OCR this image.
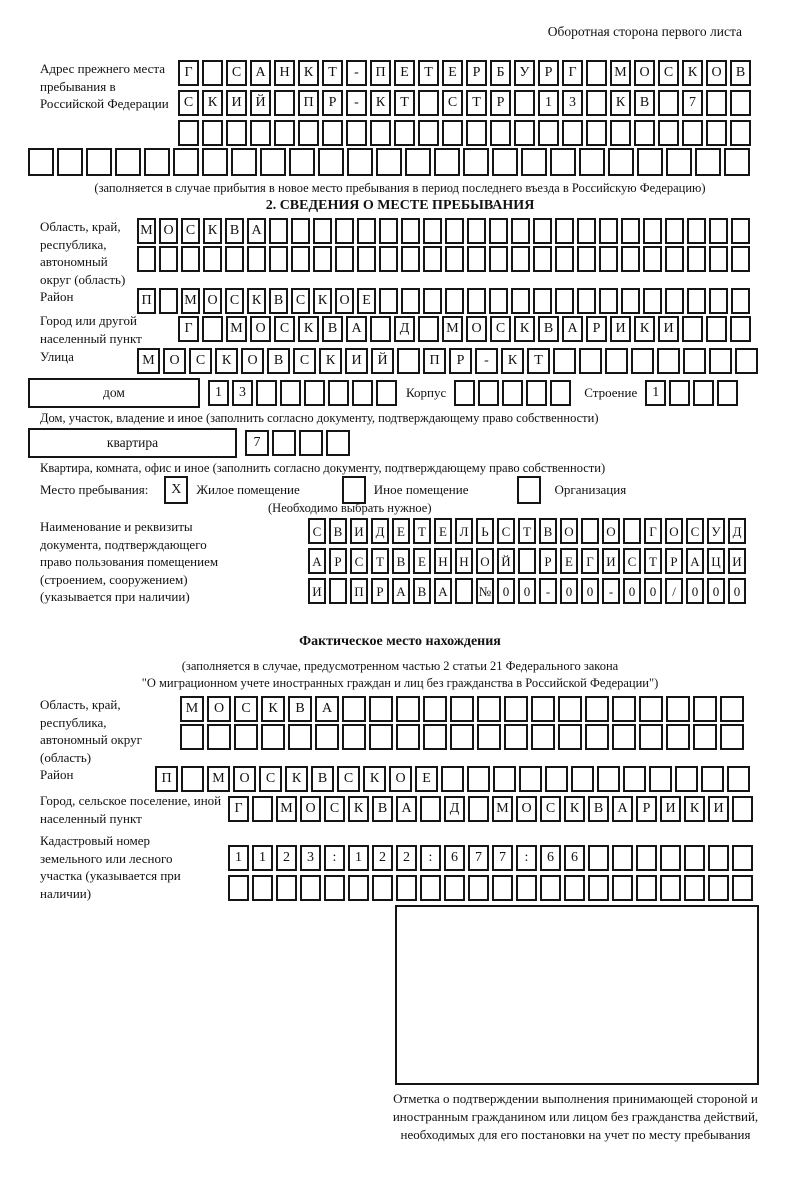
Оборотная сторона первого листа
Адрес прежнего места пребывания в Российской Федерации
Г	С	А Н	К	Т	-	П	Е	Т	Е	Р	Б	У	Р	Г	М О	С	К	О	В
С	К	И Й	П	Р	-	К	Т	С	Т	Р	1	3	К	В	7
(заполняется в случае прибытия в новое место пребывания в период последнего въезда в Российскую Федерацию)
2. СВЕДЕНИЯ О МЕСТЕ ПРЕБЫВАНИЯ
Область, край, республика, автономный округ (область)
М О С К В А
Район	П	М О С К В С К О Е
Город или другой населенный пункт
Г	М О	С	К	В	А	Д	М О	С	К	В	А	Р	И	К	И
Улица	М	О	С	К	О	В	С	К	И	Й	П	Р	-	К	Т
дом	1	3	Корпус	Строение	1
Дом, участок, владение и иное (заполнить согласно документу, подтверждающему право собственности)
квартира	7
Квартира, комната, офис и иное (заполнить согласно документу, подтверждающему право собственности)
Место пребывания:	X	Жилое помещение	Иное помещение	Организация
(Необходимо выбрать нужное)
Наименование и реквизиты документа, подтверждающего право пользования помещением (строением, сооружением) (указывается при наличии)
С В И Д Е	Т	Е Л Ь С Т В О	О	Г О С У Д
А Р	С Т В Е Н Н О Й	Р	Е	Г И С Т	Р А Ц И
И	П Р А В А	№ 0	0	-	0	0	-	0	0	/	0	0	0
Фактическое место нахождения
(заполняется в случае, предусмотренном частью 2 статьи 21 Федерального закона
"О миграционном учете иностранных граждан и лиц без гражданства в Российской Федерации")
Область, край, республика, автономный округ (область)
М	О	С	К	В	А
Район	П	М	О	С	К	В	С	К	О	Е
Город, сельское поселение, иной населенный пункт
Г	М О	С	К	В	А	Д	М О	С	К	В	А	Р	И	К	И
Кадастровый номер земельного или лесного участка (указывается при наличии)
1	1	2	3	:	1	2	2	:	6	7	7	:	6	6
Отметка о подтверждении выполнения принимающей стороной и иностранным гражданином или лицом без гражданства действий, необходимых для его постановки на учет по месту пребывания
